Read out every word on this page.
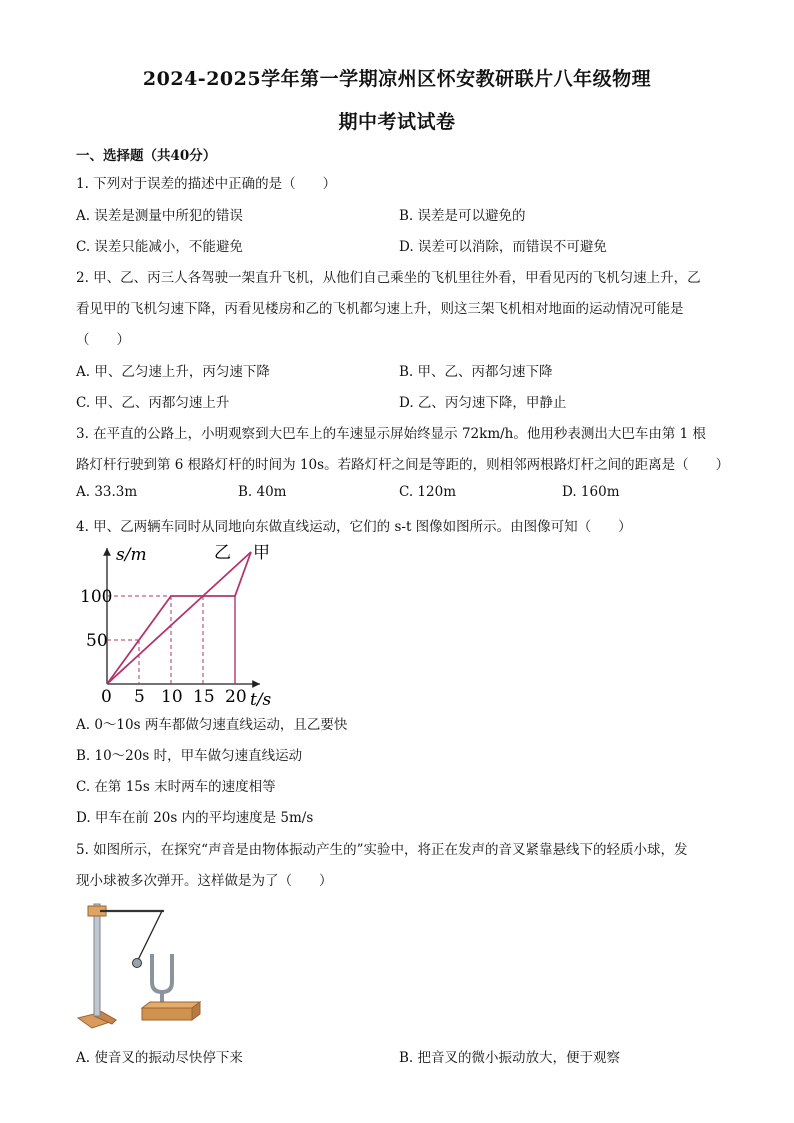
2024-2025学年第一学期凉州区怀安教研联片八年级物理
期中考试试卷
一、选择题（共40分）
1. 下列对于误差的描述中正确的是（　　）
A. 误差是测量中所犯的错误	B. 误差是可以避免的
C. 误差只能减小，不能避免	D. 误差可以消除，而错误不可避免
2. 甲、乙、丙三人各驾驶一架直升飞机，从他们自己乘坐的飞机里往外看，甲看见丙的飞机匀速上升，乙
看见甲的飞机匀速下降，丙看见楼房和乙的飞机都匀速上升，则这三架飞机相对地面的运动情况可能是
（　　）
A. 甲、乙匀速上升，丙匀速下降	B. 甲、乙、丙都匀速下降
C. 甲、乙、丙都匀速上升	D. 乙、丙匀速下降，甲静止
3. 在平直的公路上，小明观察到大巴车上的车速显示屏始终显示 72km/h。他用秒表测出大巴车由第 1 根
路灯杆行驶到第 6 根路灯杆的时间为 10s。若路灯杆之间是等距的，则相邻两根路灯杆之间的距离是（　　）
A. 33.3m	B. 40m	C. 120m	D. 160m
4. 甲、乙两辆车同时从同地向东做直线运动，它们的 s-t 图像如图所示。由图像可知（　　）
0 5 10 15 20
50
100
s/m
t/s
乙 甲
A. 0～10s 两车都做匀速直线运动，且乙要快
B. 10～20s 时，甲车做匀速直线运动
C. 在第 15s 末时两车的速度相等
D. 甲车在前 20s 内的平均速度是 5m/s
5. 如图所示，在探究“声音是由物体振动产生的”实验中，将正在发声的音叉紧靠悬线下的轻质小球，发
现小球被多次弹开。这样做是为了（　　）
A. 使音叉的振动尽快停下来	B. 把音叉的微小振动放大，便于观察
